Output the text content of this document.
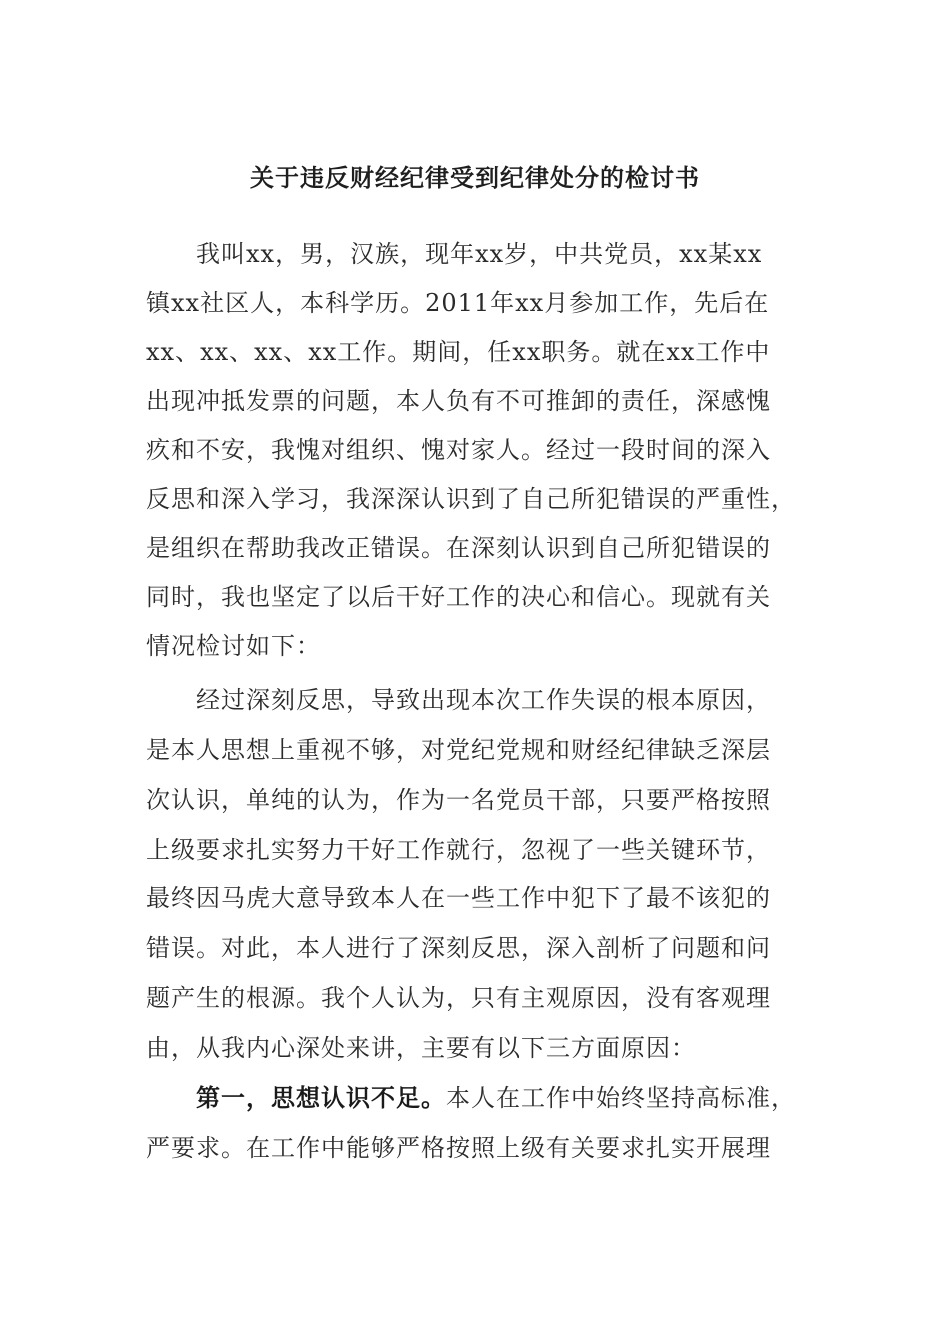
关于违反财经纪律受到纪律处分的检讨书
我叫xx，男，汉族，现年xx岁，中共党员，xx某xx
镇xx社区人，本科学历。2011年xx月参加工作，先后在
xx、xx、xx、xx工作。期间，任xx职务。就在xx工作中
出现冲抵发票的问题，本人负有不可推卸的责任，深感愧
疚和不安，我愧对组织、愧对家人。经过一段时间的深入
反思和深入学习，我深深认识到了自己所犯错误的严重性，
是组织在帮助我改正错误。在深刻认识到自己所犯错误的
同时，我也坚定了以后干好工作的决心和信心。现就有关
情况检讨如下：
经过深刻反思，导致出现本次工作失误的根本原因，
是本人思想上重视不够，对党纪党规和财经纪律缺乏深层
次认识，单纯的认为，作为一名党员干部，只要严格按照
上级要求扎实努力干好工作就行，忽视了一些关键环节，
最终因马虎大意导致本人在一些工作中犯下了最不该犯的
错误。对此，本人进行了深刻反思，深入剖析了问题和问
题产生的根源。我个人认为，只有主观原因，没有客观理
由，从我内心深处来讲，主要有以下三方面原因：
第一，思想认识不足。本人在工作中始终坚持高标准，
严要求。在工作中能够严格按照上级有关要求扎实开展理
